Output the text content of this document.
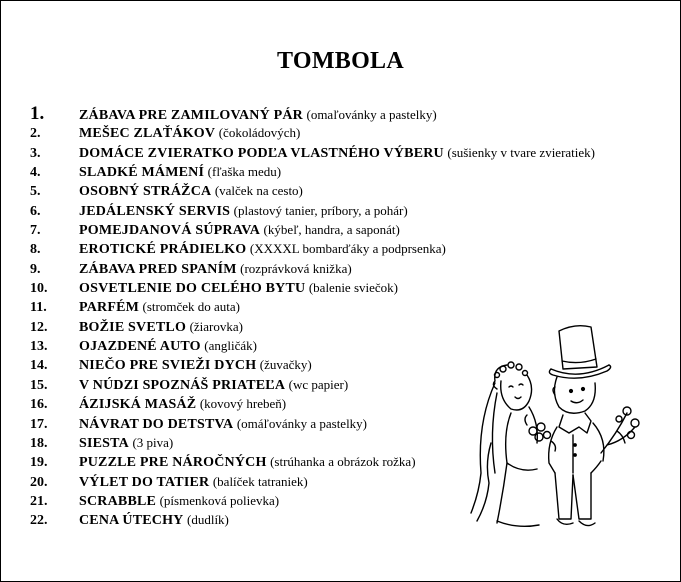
TOMBOLA
1. ZÁBAVA PRE ZAMILOVANÝ PÁR (omaľovánky a pastelky)
2.	MEŠEC ZLAŤÁKOV (čokoládových)
3.	DOMÁCE ZVIERATKO PODĽA VLASTNÉHO VÝBERU (sušienky v tvare zvieratiek)
4.	SLADKÉ MÁMENÍ (fľaška medu)
5.	OSOBNÝ STRÁŽCA (valček na cesto)
6.	JEDÁLENSKÝ SERVIS (plastový tanier, príbory, a pohár)
7.	POMEJDANOVÁ SÚPRAVA (kýbeľ, handra, a saponát)
8.	EROTICKÉ PRÁDIELKO (XXXXL bombarďáky a podprsenka)
9.	ZÁBAVA PRED SPANÍM (rozprávková knižka)
10. OSVETLENIE DO CELÉHO BYTU (balenie sviečok)
11. PARFÉM (stromček do auta)
12. BOŽIE SVETLO (žiarovka)
13. OJAZDENÉ AUTO (angličák)
14. NIEČO PRE SVIEŽI DYCH (žuvačky)
15. V NÚDZI SPOZNÁŠ PRIATEĽA (wc papier)
16. ÁZIJSKÁ MASÁŽ (kovový hrebeň)
17. NÁVRAT DO DETSTVA (omáľovánky a pastelky)
18. SIESTA (3 piva)
19. PUZZLE PRE NÁROČNÝCH (strúhanka a obrázok rožka)
20. VÝLET DO TATIER (balíček tatraniek)
21. SCRABBLE (písmenková polievka)
22. CENA ÚTECHY (dudlík)
